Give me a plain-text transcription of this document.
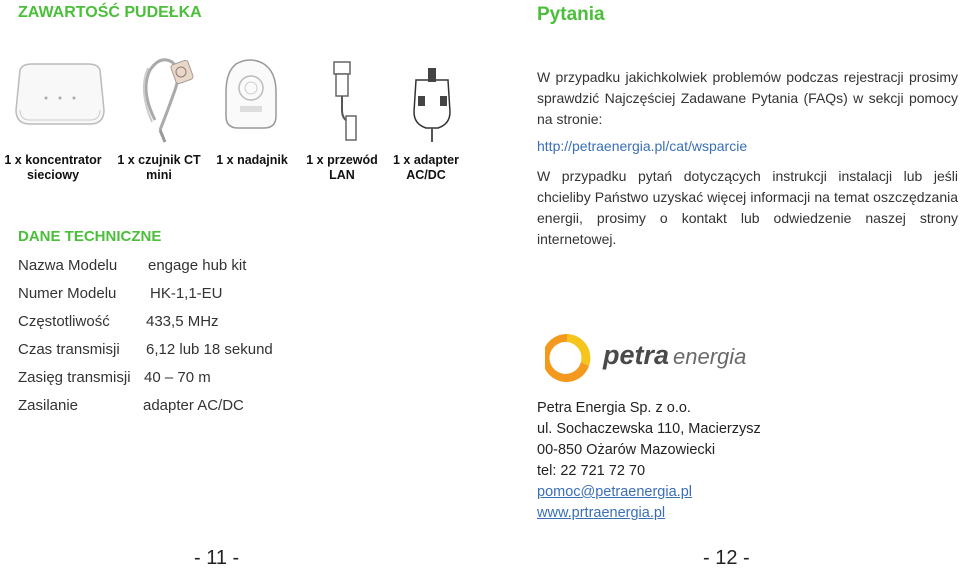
ZAWARTOŚĆ PUDEŁKA
1 x koncentrator sieciowy
1 x czujnik CT mini
1 x nadajnik	1 x przewód LAN
1 x adapter AC/DC
DANE TECHNICZNE
Nazwa Modelu engage hub kit
Numer Modelu HK-1,1-EU
Częstotliwość 433,5 MHz
Czas transmisji 6,12 lub 18 sekund
Zasięg transmisji 40 – 70 m
Zasilanie	adapter AC/DC
- 11 -
Pytania
W przypadku jakichkolwiek problemów podczas rejestracji prosimy sprawdzić Najczęściej Zadawane Pytania (FAQs) w sekcji pomocy na stronie:
http://petraenergia.pl/cat/wsparcie
W przypadku pytań dotyczących instrukcji instalacji lub jeśli chcieliby Państwo uzyskać więcej informacji na temat oszczędzania energii, prosimy o kontakt lub odwiedzenie naszej strony internetowej.
petra energia
Petra Energia Sp. z o.o.
ul. Sochaczewska 110, Macierzysz
00-850 Ożarów Mazowiecki
tel: 22 721 72 70
pomoc@petraenergia.pl
www.prtraenergia.pl
- 12 -
